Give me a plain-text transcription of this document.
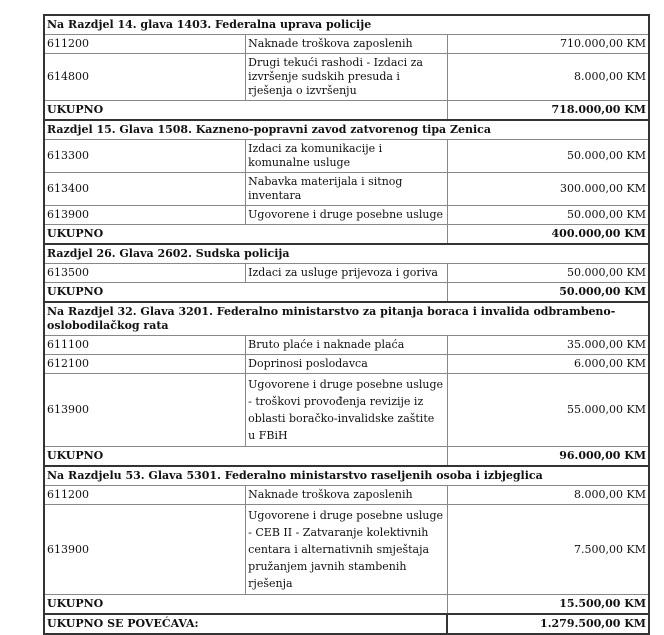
Na Razdjel 14. glava 1403. Federalna uprava policije		
611200	Naknade troškova zaposlenih	710.000,00 KM
614800	Drugi tekući rashodi - Izdaci za izvršenje sudskih presuda i rješenja o izvršenju	8.000,00 KM
UKUPNO		718.000,00 KM
Razdjel 15. Glava 1508. Kazneno-popravni zavod zatvorenog tipa Zenica		
613300	Izdaci za komunikacije i komunalne usluge	50.000,00 KM
613400	Nabavka materijala i sitnog inventara	300.000,00 KM
613900	Ugovorene i druge posebne usluge	50.000,00 KM
UKUPNO		400.000,00 KM
Razdjel 26. Glava 2602. Sudska policija		
613500	Izdaci za usluge prijevoza i goriva	50.000,00 KM
UKUPNO		50.000,00 KM
Na Razdjel 32. Glava 3201. Federalno ministarstvo za pitanja boraca i invalida odbrambeno-oslobodilačkog rata		
611100	Bruto plaće i naknade plaća	35.000,00 KM
612100	Doprinosi poslodavca	6.000,00 KM
613900	Ugovorene i druge posebne usluge - troškovi provođenja revizije iz oblasti boračko-invalidske zaštite u FBiH	55.000,00 KM
UKUPNO		96.000,00 KM
Na Razdjelu 53. Glava 5301. Federalno ministarstvo raseljenih osoba i izbjeglica		
611200	Naknade troškova zaposlenih	8.000,00 KM
613900	Ugovorene i druge posebne usluge - CEB II - Zatvaranje kolektivnih centara i alternativnih smještaja pružanjem javnih stambenih rješenja	7.500,00 KM
UKUPNO		15.500,00 KM
UKUPNO SE POVEĆAVA:		1.279.500,00 KM
